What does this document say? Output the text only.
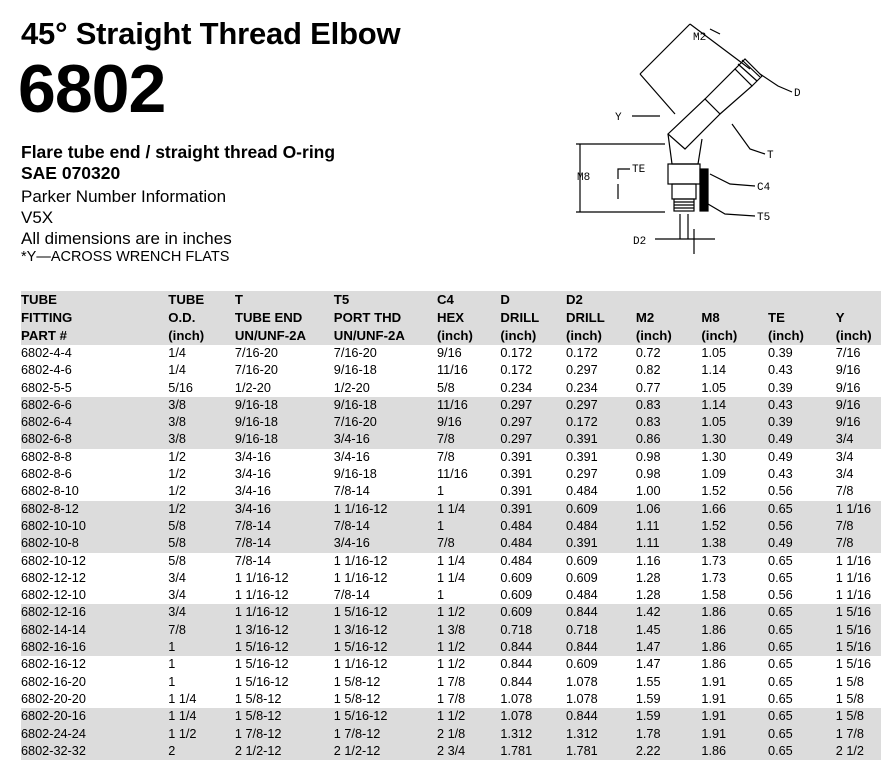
45° Straight Thread Elbow
6802
Flare tube end / straight thread O-ring
SAE 070320
Parker Number Information
V5X
All dimensions are in inches
*Y—ACROSS WRENCH FLATS
M2
D
Y
TE
T
M8
C4
T5
D2
TUBE	TUBE	T	T5	C4	D	D2				
FITTING	O.D.	TUBE END	PORT THD	HEX	DRILL	DRILL	M2	M8	TE	Y
PART #	(inch)	UN/UNF-2A	UN/UNF-2A	(inch)	(inch)	(inch)	(inch)	(inch)	(inch)	(inch)
6802-4-4	1/4	7/16-20	7/16-20	9/16	0.172	0.172	0.72	1.05	0.39	7/16
6802-4-6	1/4	7/16-20	9/16-18	11/16	0.172	0.297	0.82	1.14	0.43	9/16
6802-5-5	5/16	1/2-20	1/2-20	5/8	0.234	0.234	0.77	1.05	0.39	9/16
6802-6-6	3/8	9/16-18	9/16-18	11/16	0.297	0.297	0.83	1.14	0.43	9/16
6802-6-4	3/8	9/16-18	7/16-20	9/16	0.297	0.172	0.83	1.05	0.39	9/16
6802-6-8	3/8	9/16-18	3/4-16	7/8	0.297	0.391	0.86	1.30	0.49	3/4
6802-8-8	1/2	3/4-16	3/4-16	7/8	0.391	0.391	0.98	1.30	0.49	3/4
6802-8-6	1/2	3/4-16	9/16-18	11/16	0.391	0.297	0.98	1.09	0.43	3/4
6802-8-10	1/2	3/4-16	7/8-14	1	0.391	0.484	1.00	1.52	0.56	7/8
6802-8-12	1/2	3/4-16	1 1/16-12	1 1/4	0.391	0.609	1.06	1.66	0.65	1 1/16
6802-10-10	5/8	7/8-14	7/8-14	1	0.484	0.484	1.11	1.52	0.56	7/8
6802-10-8	5/8	7/8-14	3/4-16	7/8	0.484	0.391	1.11	1.38	0.49	7/8
6802-10-12	5/8	7/8-14	1 1/16-12	1 1/4	0.484	0.609	1.16	1.73	0.65	1 1/16
6802-12-12	3/4	1 1/16-12	1 1/16-12	1 1/4	0.609	0.609	1.28	1.73	0.65	1 1/16
6802-12-10	3/4	1 1/16-12	7/8-14	1	0.609	0.484	1.28	1.58	0.56	1 1/16
6802-12-16	3/4	1 1/16-12	1 5/16-12	1 1/2	0.609	0.844	1.42	1.86	0.65	1 5/16
6802-14-14	7/8	1 3/16-12	1 3/16-12	1 3/8	0.718	0.718	1.45	1.86	0.65	1 5/16
6802-16-16	1	1 5/16-12	1 5/16-12	1 1/2	0.844	0.844	1.47	1.86	0.65	1 5/16
6802-16-12	1	1 5/16-12	1 1/16-12	1 1/2	0.844	0.609	1.47	1.86	0.65	1 5/16
6802-16-20	1	1 5/16-12	1 5/8-12	1 7/8	0.844	1.078	1.55	1.91	0.65	1 5/8
6802-20-20	1 1/4	1 5/8-12	1 5/8-12	1 7/8	1.078	1.078	1.59	1.91	0.65	1 5/8
6802-20-16	1 1/4	1 5/8-12	1 5/16-12	1 1/2	1.078	0.844	1.59	1.91	0.65	1 5/8
6802-24-24	1 1/2	1 7/8-12	1 7/8-12	2 1/8	1.312	1.312	1.78	1.91	0.65	1 7/8
6802-32-32	2	2 1/2-12	2 1/2-12	2 3/4	1.781	1.781	2.22	1.86	0.65	2 1/2
